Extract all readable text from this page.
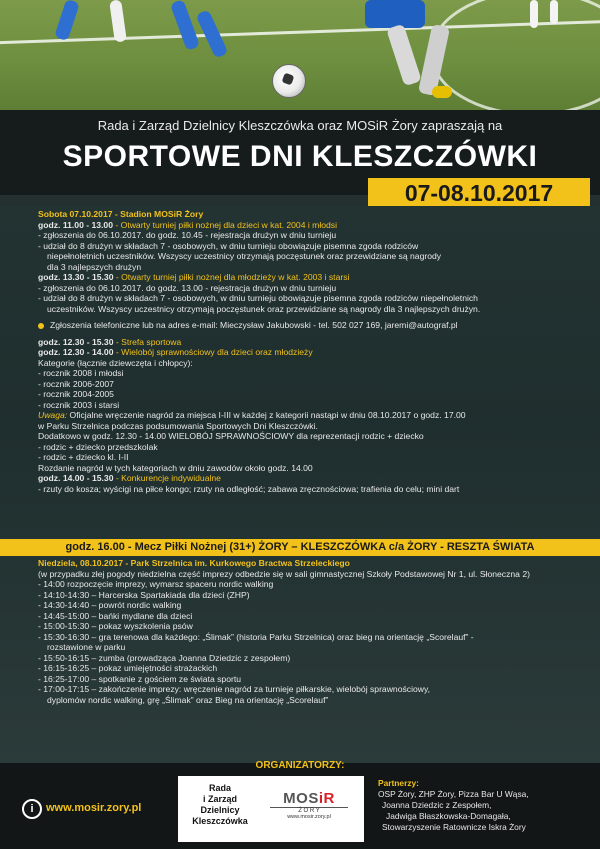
Rada i Zarząd Dzielnicy Kleszczówka oraz MOSiR Żory zapraszają na
SPORTOWE DNI KLESZCZÓWKI
07-08.10.2017
Sobota 07.10.2017 - Stadion MOSiR Żory
godz. 11.00 - 13.00 - Otwarty turniej piłki nożnej dla dzieci w kat. 2004 i młodsi
- zgłoszenia do 06.10.2017. do godz. 10.45 - rejestracja drużyn w dniu turnieju
- udział do 8 drużyn w składach 7 - osobowych, w dniu turnieju obowiązuje pisemna zgoda rodziców
niepełnoletnich uczestników. Wszyscy uczestnicy otrzymają poczęstunek oraz przewidziane są nagrody
dla 3 najlepszych drużyn
godz. 13.30 - 15.30 - Otwarty turniej piłki nożnej dla młodzieży w kat. 2003 i starsi
- zgłoszenia do 06.10.2017. do godz. 13.00 - rejestracja drużyn w dniu turnieju
- udział do 8 drużyn w składach 7 - osobowych, w dniu turnieju obowiązuje pisemna zgoda rodziców niepełnoletnich
uczestników. Wszyscy uczestnicy otrzymają poczęstunek oraz przewidziane są nagrody dla 3 najlepszych drużyn.
Zgłoszenia telefoniczne lub na adres e-mail: Mieczysław Jakubowski - tel. 502 027 169, jaremi@autograf.pl
godz. 12.30 - 15.30 - Strefa sportowa
godz. 12.30 - 14.00 - Wielobój sprawnościowy dla dzieci oraz młodzieży
Kategorie (łącznie dziewczęta i chłopcy):
- rocznik 2008 i młodsi
- rocznik 2006-2007
- rocznik 2004-2005
- rocznik 2003 i starsi
Uwaga: Oficjalne wręczenie nagród za miejsca I-III w każdej z kategorii nastąpi w dniu 08.10.2017 o godz. 17.00
w Parku Strzelnica podczas podsumowania Sportowych Dni Kleszczówki.
Dodatkowo w godz. 12.30 - 14.00 WIELOBÓJ SPRAWNOŚCIOWY dla reprezentacji rodzic + dziecko
- rodzic + dziecko przedszkolak
- rodzic + dziecko kl. I-II
Rozdanie nagród w tych kategoriach w dniu zawodów około godz. 14.00
godz. 14.00 - 15.30 - Konkurencje indywidualne
- rzuty do kosza; wyścigi na piłce kongo; rzuty na odległość; zabawa zręcznościowa; trafienia do celu; mini dart
godz. 16.00 - Mecz Piłki Nożnej (31+) ŻORY – KLESZCZÓWKA c/a ŻORY - RESZTA ŚWIATA
Niedziela, 08.10.2017 - Park Strzelnica im. Kurkowego Bractwa Strzeleckiego
(w przypadku złej pogody niedzielna część imprezy odbedzie się w sali gimnastycznej Szkoły Podstawowej Nr 1, ul. Słoneczna 2)
- 14:00 rozpoczęcie imprezy, wymarsz spaceru nordic walking
- 14:10-14:30 – Harcerska Spartakiada dla dzieci (ZHP)
- 14:30-14:40 – powrót nordic walking
- 14:45-15:00 – bańki mydlane dla dzieci
- 15:00-15:30 – pokaz wyszkolenia psów
- 15:30-16:30 – gra terenowa dla każdego: „Ślimak” (historia Parku Strzelnica) oraz bieg na orientację „Scorelauf” -
rozstawione w parku
- 15:50-16:15 – zumba (prowadząca Joanna Dziedzic z zespołem)
- 16:15-16:25 – pokaz umiejętności strażackich
- 16:25-17:00 – spotkanie z gościem ze świata sportu
- 17:00-17:15 – zakończenie imprezy: wręczenie nagród za turnieje piłkarskie, wielobój sprawnościowy,
dyplomów nordic walking, grę „Ślimak” oraz Bieg na orientację „Scorelauf”
ORGANIZATORZY:
i	www.mosir.zory.pl
Rada
i Zarząd
Dzielnicy
Kleszczówka
MOSiR
Ż O R Y
www.mosir.zory.pl
Partnerzy:
OSP Żory, ZHP Żory, Pizza Bar U Wąsa,
Joanna Dziedzic z Zespołem,
Jadwiga Błaszkowska-Domagała,
Stowarzyszenie Ratownicze Iskra Żory
